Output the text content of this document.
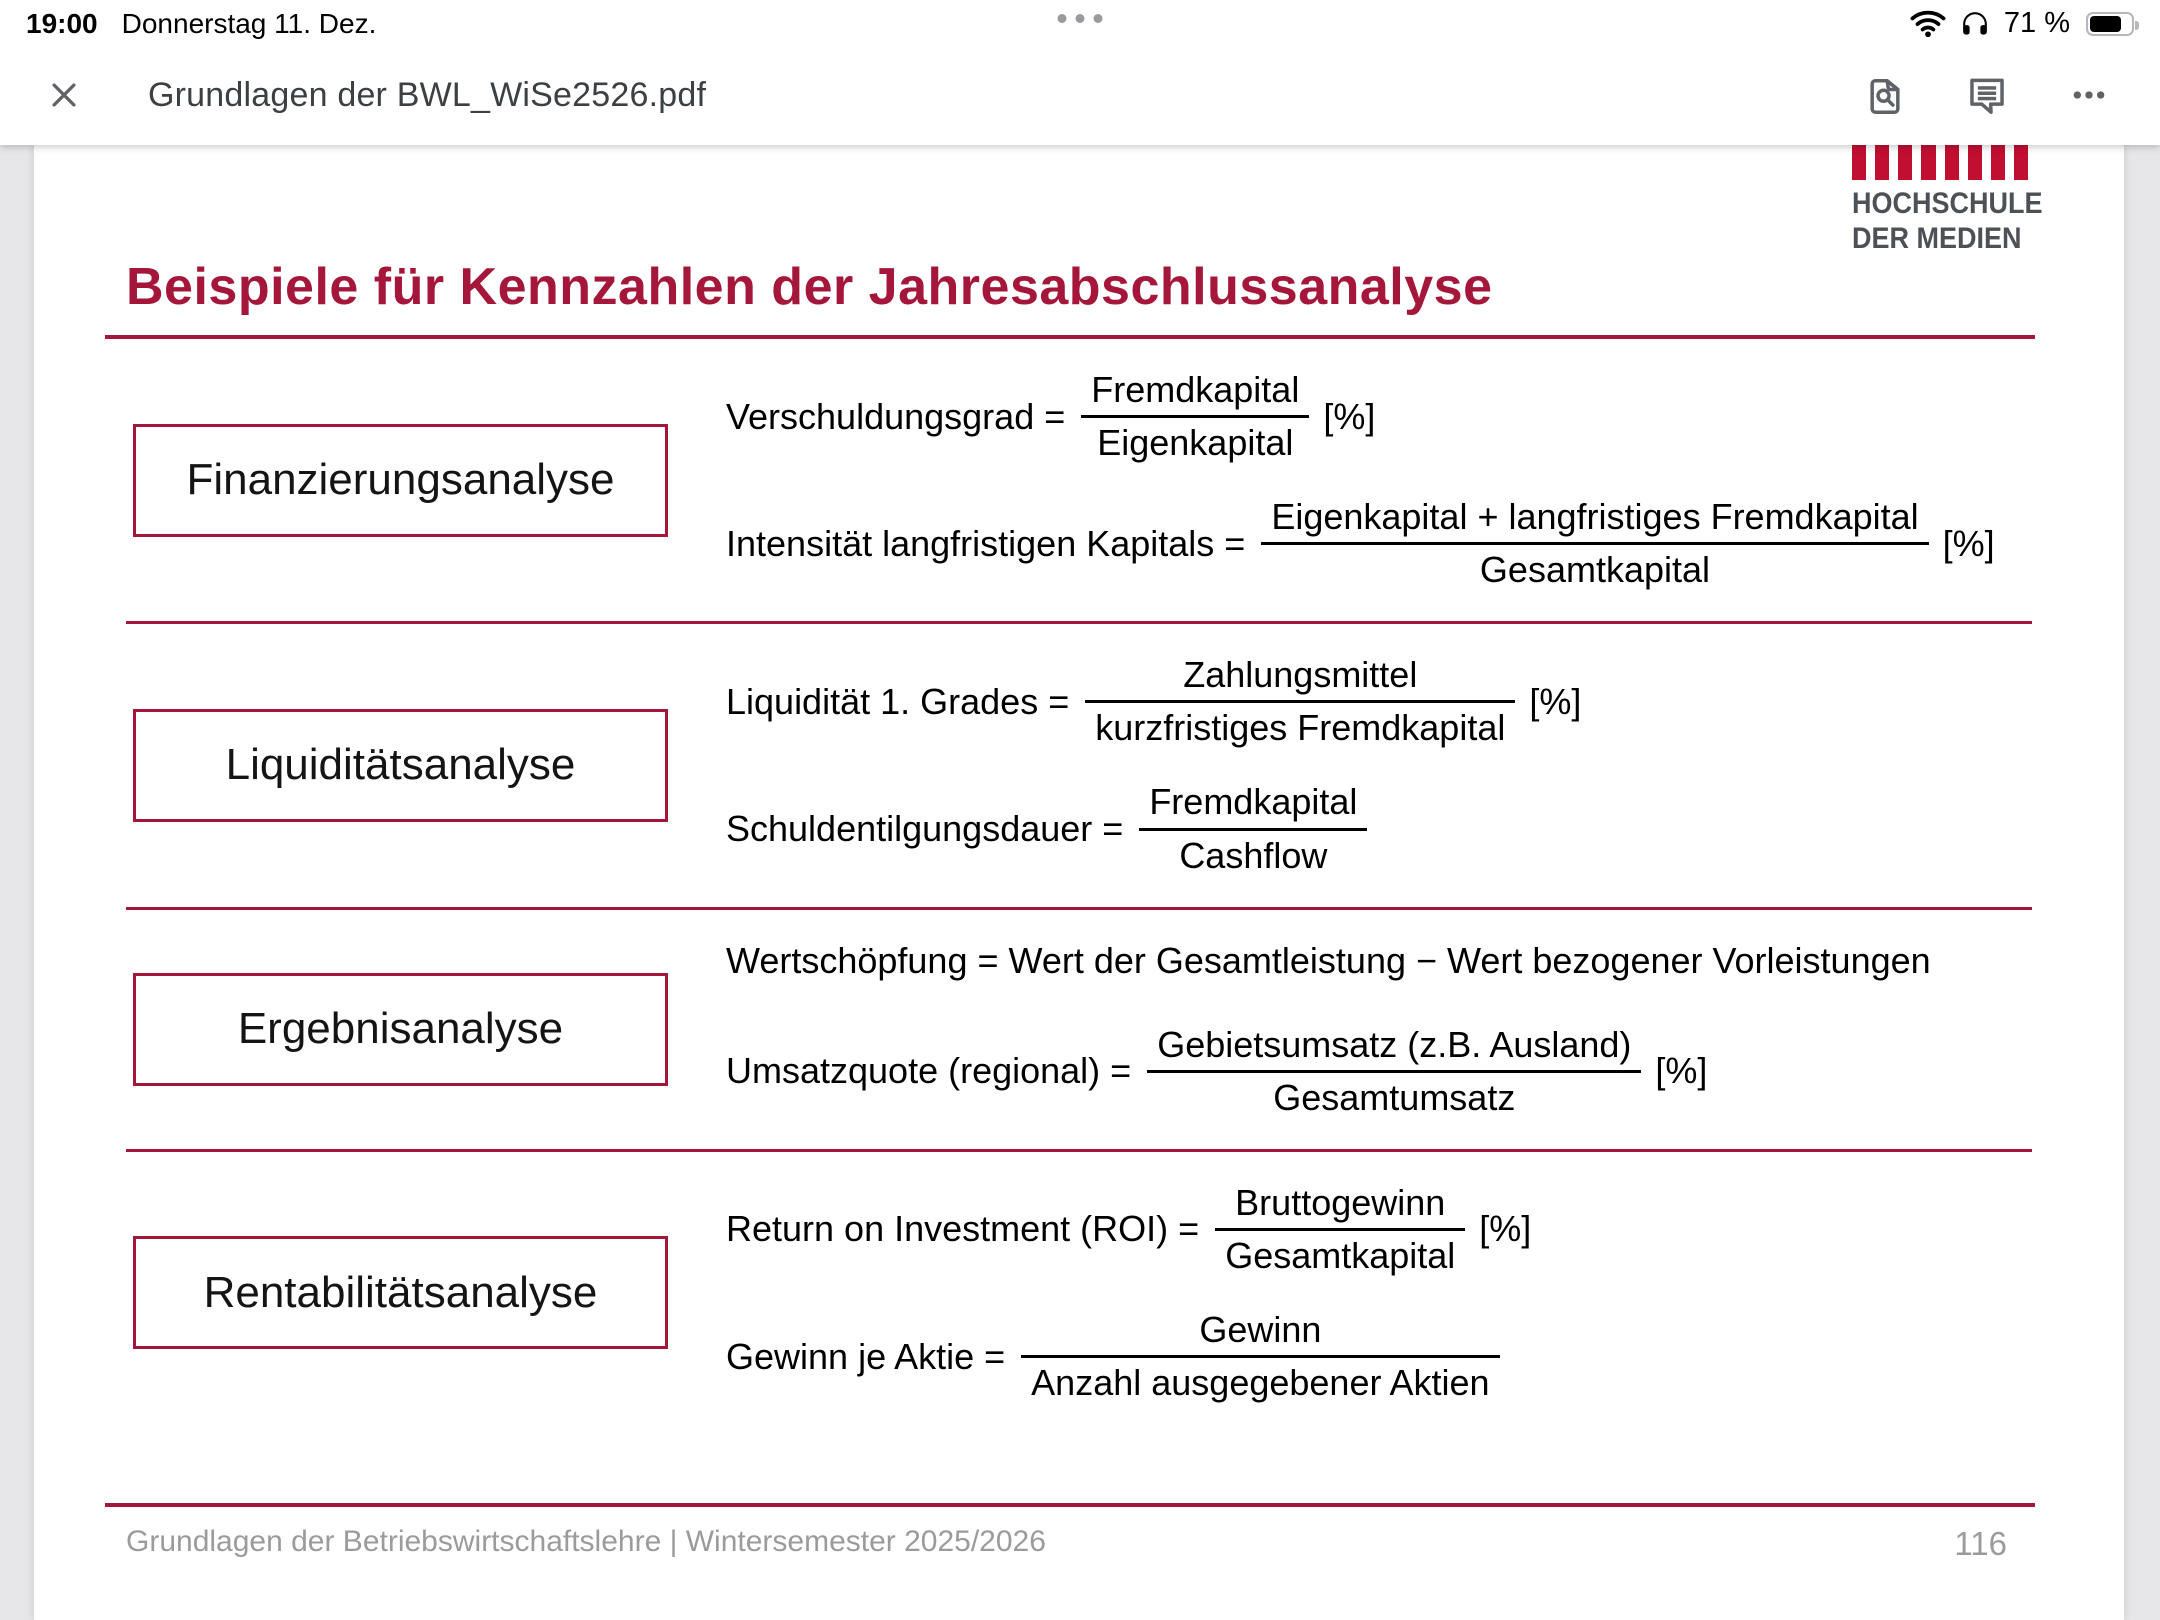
19:00 Donnerstag 11. Dez.	71 %
Grundlagen der BWL_WiSe2526.pdf
HOCHSCHULE
DER MEDIEN
Beispiele für Kennzahlen der Jahresabschlussanalyse
Finanzierungsanalyse
Verschuldungsgrad = $\frac{\text{Fremdkapital}}{\text{Eigenkapital}}$ [%]
Intensität langfristigen Kapitals = $\frac{\text{Eigenkapital + langfristiges Fremdkapital}}{\text{Gesamtkapital}}$ [%]
Liquiditätsanalyse
Liquidität 1. Grades = $\frac{\text{Zahlungsmittel}}{\text{kurzfristiges Fremdkapital}}$ [%]
Schuldentilgungsdauer = $\frac{\text{Fremdkapital}}{\text{Cashflow}}$
Ergebnisanalyse
Wertschöpfung = Wert der Gesamtleistung − Wert bezogener Vorleistungen
Umsatzquote (regional) = $\frac{\text{Gebietsumsatz (z.B. Ausland)}}{\text{Gesamtumsatz}}$ [%]
Rentabilitätsanalyse
Return on Investment $(ROI) = \frac{\text{Bruttogewinn}}{\text{Gesamtkapital}}$ [%]
Gewinn je Aktie = $\frac{\text{Gewinn}}{\text{Anzahl ausgegebener Aktien}}$
Grundlagen der Betriebswirtschaftslehre | Wintersemester 2025/2026	116
